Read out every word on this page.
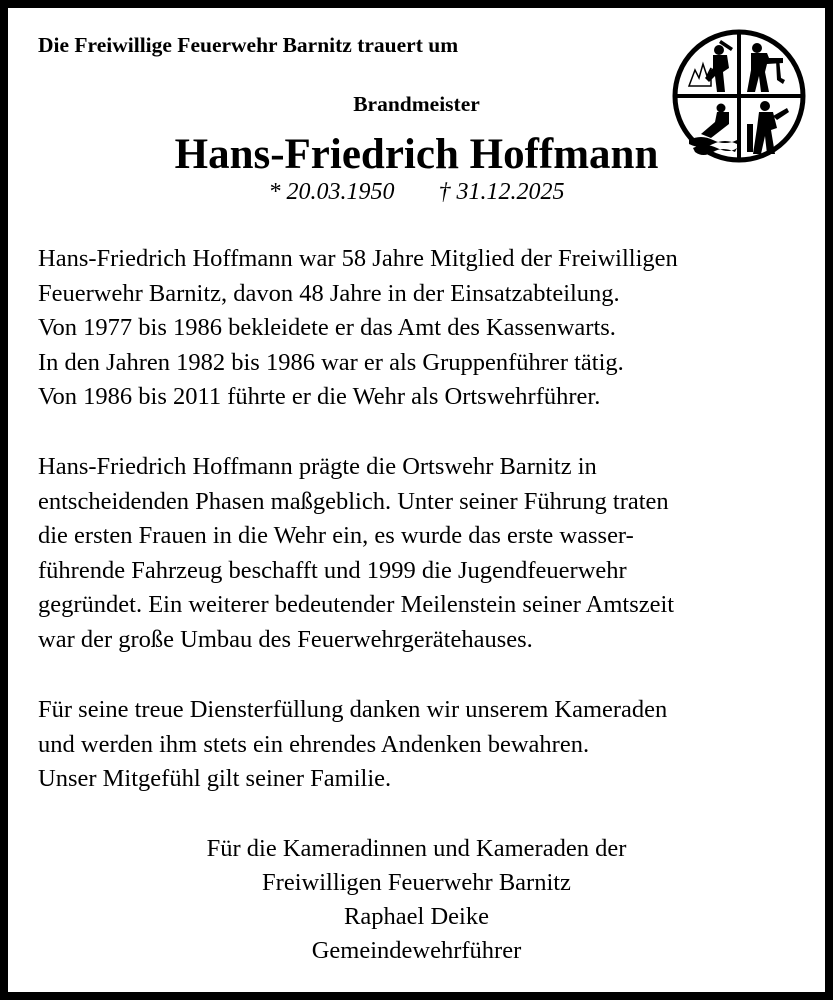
Die Freiwillige Feuerwehr Barnitz trauert um
Brandmeister
Hans-Friedrich Hoffmann
* 20.03.1950 † 31.12.2025
Hans-Friedrich Hoffmann war 58 Jahre Mitglied der Freiwilligen
Feuerwehr Barnitz, davon 48 Jahre in der Einsatzabteilung.
Von 1977 bis 1986 bekleidete er das Amt des Kassenwarts.
In den Jahren 1982 bis 1986 war er als Gruppenführer tätig.
Von 1986 bis 2011 führte er die Wehr als Ortswehrführer.
Hans-Friedrich Hoffmann prägte die Ortswehr Barnitz in
entscheidenden Phasen maßgeblich. Unter seiner Führung traten
die ersten Frauen in die Wehr ein, es wurde das erste wasser-
führende Fahrzeug beschafft und 1999 die Jugendfeuerwehr
gegründet. Ein weiterer bedeutender Meilenstein seiner Amtszeit
war der große Umbau des Feuerwehrgerätehauses.
Für seine treue Diensterfüllung danken wir unserem Kameraden
und werden ihm stets ein ehrendes Andenken bewahren.
Unser Mitgefühl gilt seiner Familie.
Für die Kameradinnen und Kameraden der
Freiwilligen Feuerwehr Barnitz
Raphael Deike
Gemeindewehrführer
